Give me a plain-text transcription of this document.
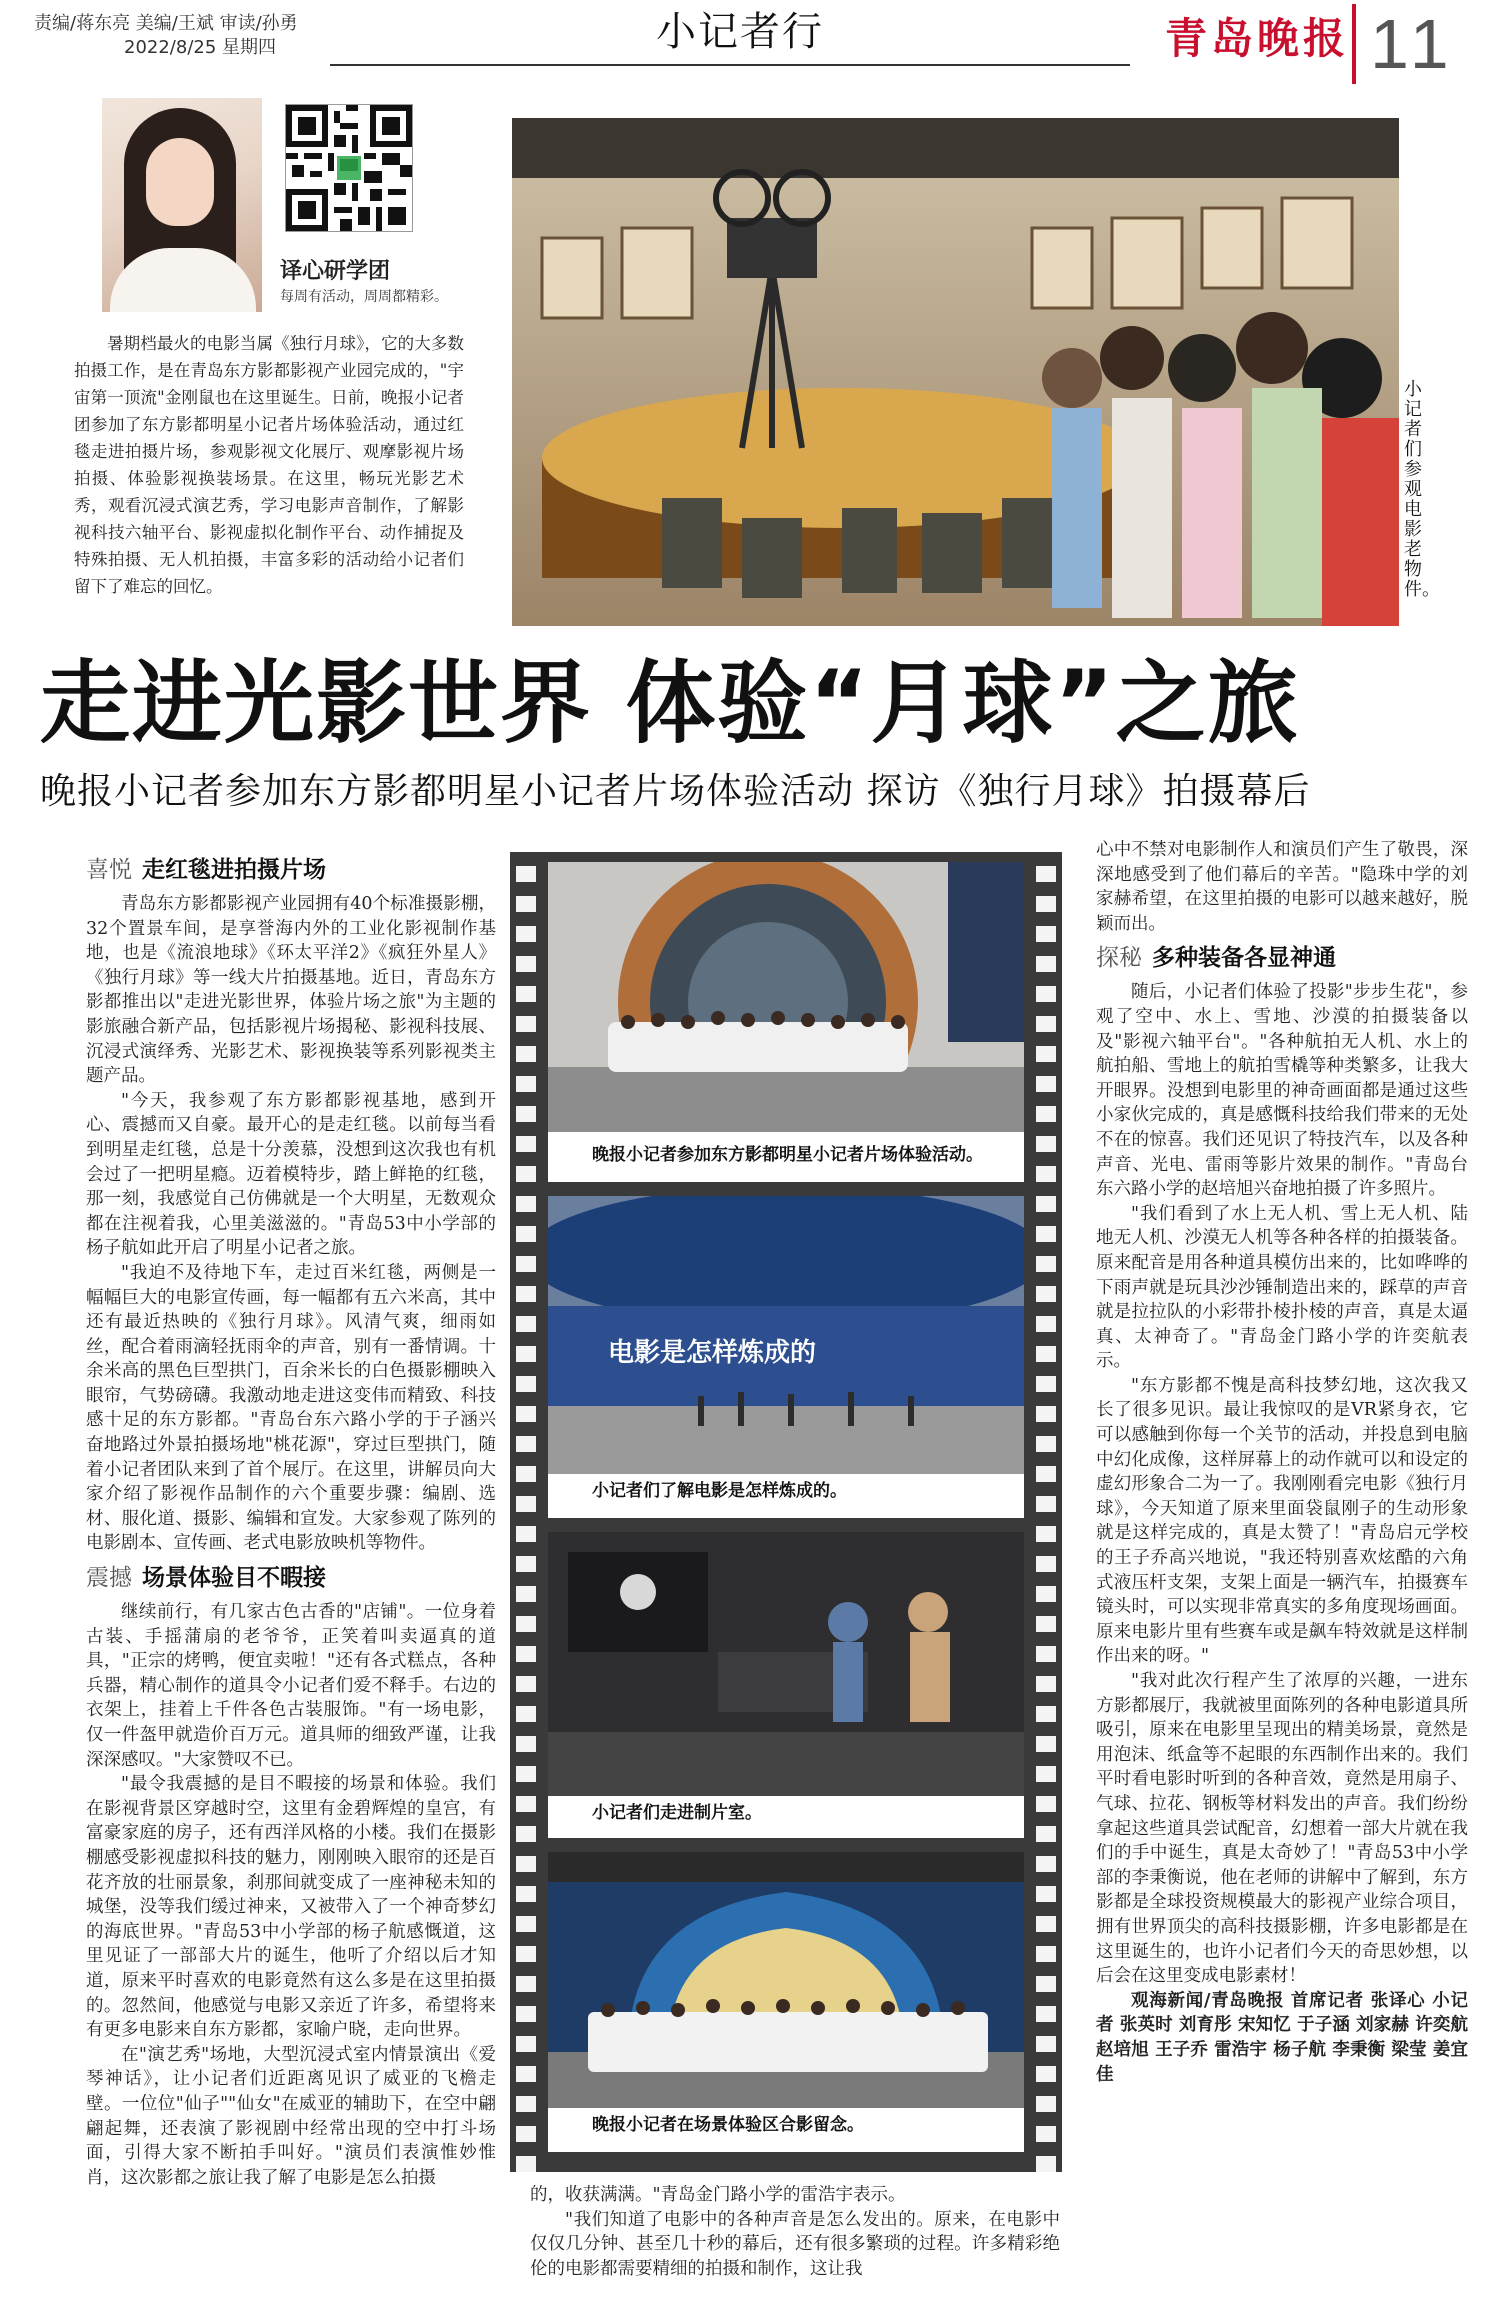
责编/蒋东亮 美编/王斌 审读/孙勇
2022/8/25 星期四	小记者行	青岛晚报 11
译心研学团
每周有活动，周周都精彩。
暑期档最火的电影当属《独行月球》，它的大多数拍摄工作，是在青岛东方影都影视产业园完成的，"宇宙第一顶流"金刚鼠也在这里诞生。日前，晚报小记者团参加了东方影都明星小记者片场体验活动，通过红毯走进拍摄片场，参观影视文化展厅、观摩影视片场拍摄、体验影视换装场景。在这里，畅玩光影艺术秀，观看沉浸式演艺秀，学习电影声音制作，了解影视科技六轴平台、影视虚拟化制作平台、动作捕捉及特殊拍摄、无人机拍摄，丰富多彩的活动给小记者们留下了难忘的回忆。
小记者们参观电影老物件。
走进光影世界 体验“月球”之旅
晚报小记者参加东方影都明星小记者片场体验活动 探访《独行月球》拍摄幕后
喜悦 走红毯进拍摄片场

青岛东方影都影视产业园拥有40个标准摄影棚，32个置景车间，是享誉海内外的工业化影视制作基地，也是《流浪地球》《环太平洋2》《疯狂外星人》《独行月球》等一线大片拍摄基地。近日，青岛东方影都推出以"走进光影世界，体验片场之旅"为主题的影旅融合新产品，包括影视片场揭秘、影视科技展、沉浸式演绎秀、光影艺术、影视换装等系列影视类主题产品。

"今天，我参观了东方影都影视基地，感到开心、震撼而又自豪。最开心的是走红毯。以前每当看到明星走红毯，总是十分羡慕，没想到这次我也有机会过了一把明星瘾。迈着模特步，踏上鲜艳的红毯，那一刻，我感觉自己仿佛就是一个大明星，无数观众都在注视着我，心里美滋滋的。"青岛53中小学部的杨子航如此开启了明星小记者之旅。

"我迫不及待地下车，走过百米红毯，两侧是一幅幅巨大的电影宣传画，每一幅都有五六米高，其中还有最近热映的《独行月球》。风清气爽，细雨如丝，配合着雨滴轻抚雨伞的声音，别有一番情调。十余米高的黑色巨型拱门，百余米长的白色摄影棚映入眼帘，气势磅礴。我激动地走进这变伟而精致、科技感十足的东方影都。"青岛台东六路小学的于子涵兴奋地路过外景拍摄场地"桃花源"，穿过巨型拱门，随着小记者团队来到了首个展厅。在这里，讲解员向大家介绍了影视作品制作的六个重要步骤：编剧、选材、服化道、摄影、编辑和宣发。大家参观了陈列的电影剧本、宣传画、老式电影放映机等物件。

震撼 场景体验目不暇接

继续前行，有几家古色古香的"店铺"。一位身着古装、手摇蒲扇的老爷爷，正笑着叫卖逼真的道具，"正宗的烤鸭，便宜卖啦！"还有各式糕点，各种兵器，精心制作的道具令小记者们爱不释手。右边的衣架上，挂着上千件各色古装服饰。"有一场电影，仅一件盔甲就造价百万元。道具师的细致严谨，让我深深感叹。"大家赞叹不已。

"最令我震撼的是目不暇接的场景和体验。我们在影视背景区穿越时空，这里有金碧辉煌的皇宫，有富豪家庭的房子，还有西洋风格的小楼。我们在摄影棚感受影视虚拟科技的魅力，刚刚映入眼帘的还是百花齐放的壮丽景象，刹那间就变成了一座神秘未知的城堡，没等我们缓过神来，又被带入了一个神奇梦幻的海底世界。"青岛53中小学部的杨子航感慨道，这里见证了一部部大片的诞生，他听了介绍以后才知道，原来平时喜欢的电影竟然有这么多是在这里拍摄的。忽然间，他感觉与电影又亲近了许多，希望将来有更多电影来自东方影都，家喻户晓，走向世界。

在"演艺秀"场地，大型沉浸式室内情景演出《爱琴神话》，让小记者们近距离见识了威亚的飞檐走壁。一位位"仙子""仙女"在威亚的辅助下，在空中翩翩起舞，还表演了影视剧中经常出现的空中打斗场面，引得大家不断拍手叫好。"演员们表演惟妙惟肖，这次影都之旅让我了解了电影是怎么拍摄

晚报小记者参加东方影都明星小记者片场体验活动。
电影是怎样炼成的
小记者们了解电影是怎样炼成的。
小记者们走进制片室。
晚报小记者在场景体验区合影留念。
的，收获满满。"青岛金门路小学的雷浩宇表示。

"我们知道了电影中的各种声音是怎么发出的。原来，在电影中仅仅几分钟、甚至几十秒的幕后，还有很多繁琐的过程。许多精彩绝伦的电影都需要精细的拍摄和制作，这让我

心中不禁对电影制作人和演员们产生了敬畏，深深地感受到了他们幕后的辛苦。"隐珠中学的刘家赫希望，在这里拍摄的电影可以越来越好，脱颖而出。
探秘 多种装备各显神通

随后，小记者们体验了投影"步步生花"，参观了空中、水上、雪地、沙漠的拍摄装备以及"影视六轴平台"。"各种航拍无人机、水上的航拍船、雪地上的航拍雪橇等种类繁多，让我大开眼界。没想到电影里的神奇画面都是通过这些小家伙完成的，真是感慨科技给我们带来的无处不在的惊喜。我们还见识了特技汽车，以及各种声音、光电、雷雨等影片效果的制作。"青岛台东六路小学的赵培旭兴奋地拍摄了许多照片。

"我们看到了水上无人机、雪上无人机、陆地无人机、沙漠无人机等各种各样的拍摄装备。原来配音是用各种道具模仿出来的，比如哗哗的下雨声就是玩具沙沙锤制造出来的，踩草的声音就是拉拉队的小彩带扑棱扑棱的声音，真是太逼真、太神奇了。"青岛金门路小学的许奕航表示。

"东方影都不愧是高科技梦幻地，这次我又长了很多见识。最让我惊叹的是VR紧身衣，它可以感触到你每一个关节的活动，并投息到电脑中幻化成像，这样屏幕上的动作就可以和设定的虚幻形象合二为一了。我刚刚看完电影《独行月球》，今天知道了原来里面袋鼠刚子的生动形象就是这样完成的，真是太赞了！"青岛启元学校的王子乔高兴地说，"我还特别喜欢炫酷的六角式液压杆支架，支架上面是一辆汽车，拍摄赛车镜头时，可以实现非常真实的多角度现场画面。原来电影片里有些赛车或是飙车特效就是这样制作出来的呀。"

"我对此次行程产生了浓厚的兴趣，一进东方影都展厅，我就被里面陈列的各种电影道具所吸引，原来在电影里呈现出的精美场景，竟然是用泡沫、纸盒等不起眼的东西制作出来的。我们平时看电影时听到的各种音效，竟然是用扇子、气球、拉花、钢板等材料发出的声音。我们纷纷拿起这些道具尝试配音，幻想着一部大片就在我们的手中诞生，真是太奇妙了！"青岛53中小学部的李秉衡说，他在老师的讲解中了解到，东方影都是全球投资规模最大的影视产业综合项目，拥有世界顶尖的高科技摄影棚，许多电影都是在这里诞生的，也许小记者们今天的奇思妙想，以后会在这里变成电影素材！

观海新闻/青岛晚报 首席记者 张译心 小记者 张英时 刘育彤 宋知忆 于子涵 刘家赫 许奕航 赵培旭 王子乔 雷浩宇 杨子航 李秉衡 梁莹 姜宜佳
